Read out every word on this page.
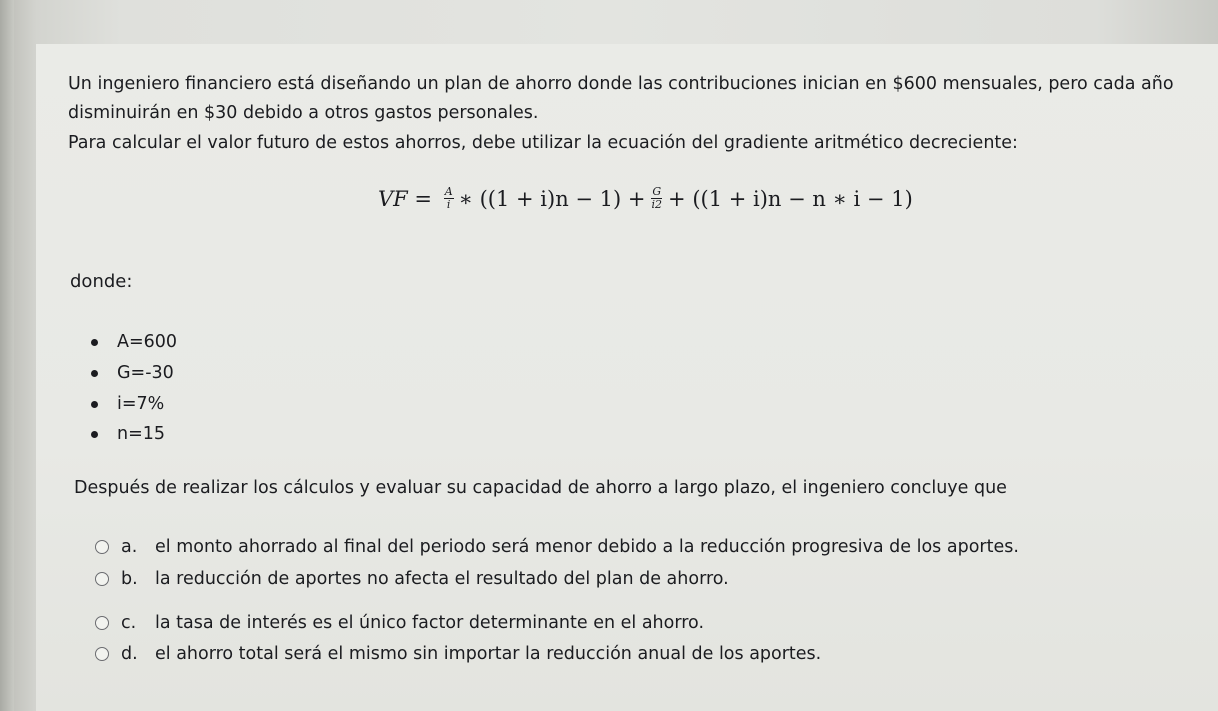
Un ingeniero financiero está diseñando un plan de ahorro donde las contribuciones inician en $600 mensuales, pero cada año
disminuirán en $30 debido a otros gastos personales.
Para calcular el valor futuro de estos ahorros, debe utilizar la ecuación del gradiente aritmético decreciente:
VF = $\frac{A}{i}$ ∗ $((1 + i)n - 1) + \frac{G}{i2} + ((1 + i)n - n$ ∗ i − 1)
donde:
A=600
G=-30
i=7%
n=15
Después de realizar los cálculos y evaluar su capacidad de ahorro a largo plazo, el ingeniero concluye que
a.	el monto ahorrado al final del periodo será menor debido a la reducción progresiva de los aportes.
b. la reducción de aportes no afecta el resultado del plan de ahorro.
c.	la tasa de interés es el único factor determinante en el ahorro.
d. el ahorro total será el mismo sin importar la reducción anual de los aportes.
